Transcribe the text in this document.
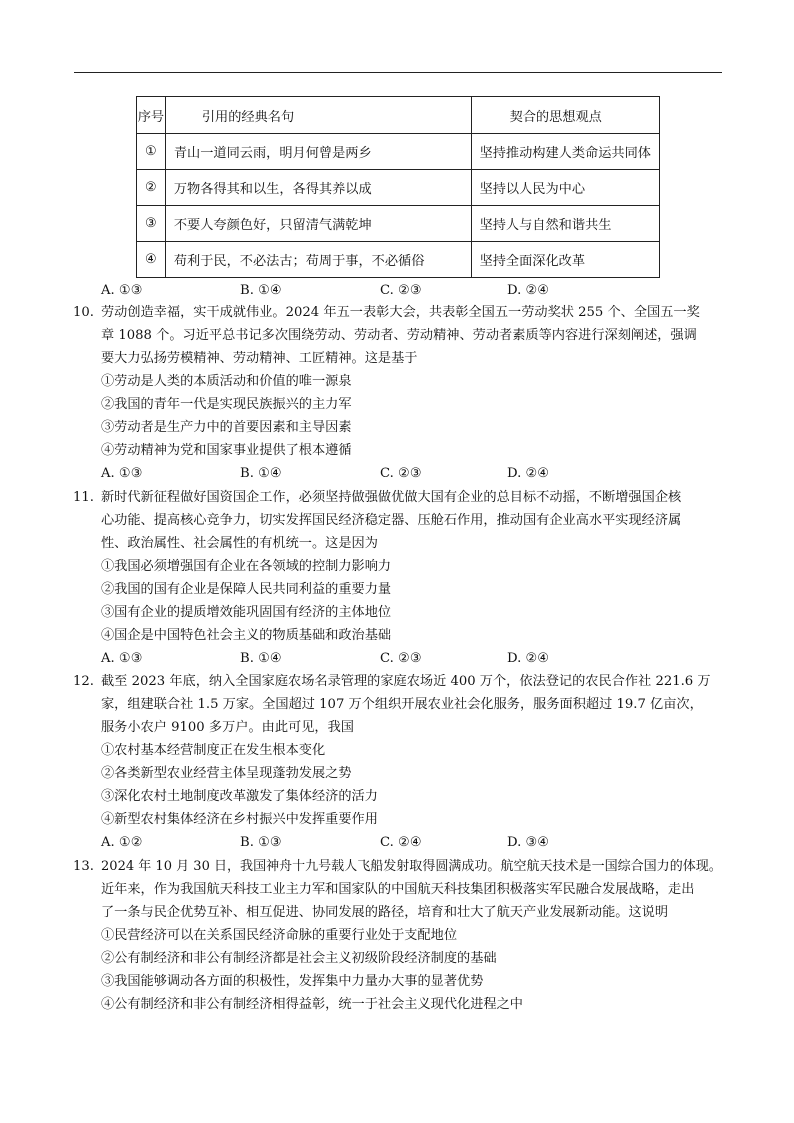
序号	引用的经典名句	契合的思想观点
①	青山一道同云雨，明月何曾是两乡	坚持推动构建人类命运共同体
②	万物各得其和以生，各得其养以成	坚持以人民为中心
③	不要人夸颜色好，只留清气满乾坤	坚持人与自然和谐共生
④	苟利于民，不必法古；苟周于事，不必循俗	坚持全面深化改革
A. ①③	B. ①④	C. ②③	D. ②④
10. 劳动创造幸福，实干成就伟业。2024 年五一表彰大会，共表彰全国五一劳动奖状 255 个、全国五一奖
章 1088 个。习近平总书记多次围绕劳动、劳动者、劳动精神、劳动者素质等内容进行深刻阐述，强调
要大力弘扬劳模精神、劳动精神、工匠精神。这是基于
①劳动是人类的本质活动和价值的唯一源泉
②我国的青年一代是实现民族振兴的主力军
③劳动者是生产力中的首要因素和主导因素
④劳动精神为党和国家事业提供了根本遵循
A. ①③	B. ①④	C. ②③	D. ②④
11. 新时代新征程做好国资国企工作，必须坚持做强做优做大国有企业的总目标不动摇，不断增强国企核
心功能、提高核心竞争力，切实发挥国民经济稳定器、压舱石作用，推动国有企业高水平实现经济属
性、政治属性、社会属性的有机统一。这是因为
①我国必须增强国有企业在各领域的控制力影响力
②我国的国有企业是保障人民共同利益的重要力量
③国有企业的提质增效能巩固国有经济的主体地位
④国企是中国特色社会主义的物质基础和政治基础
A. ①③	B. ①④	C. ②③	D. ②④
12. 截至 2023 年底，纳入全国家庭农场名录管理的家庭农场近 400 万个，依法登记的农民合作社 221.6 万
家，组建联合社 1.5 万家。全国超过 107 万个组织开展农业社会化服务，服务面积超过 19.7 亿亩次，
服务小农户 9100 多万户。由此可见，我国
①农村基本经营制度正在发生根本变化
②各类新型农业经营主体呈现蓬勃发展之势
③深化农村土地制度改革激发了集体经济的活力
④新型农村集体经济在乡村振兴中发挥重要作用
A. ①②	B. ①③	C. ②④	D. ③④
13. 2024 年 10 月 30 日，我国神舟十九号载人飞船发射取得圆满成功。航空航天技术是一国综合国力的体现。
近年来，作为我国航天科技工业主力军和国家队的中国航天科技集团积极落实军民融合发展战略，走出
了一条与民企优势互补、相互促进、协同发展的路径，培育和壮大了航天产业发展新动能。这说明
①民营经济可以在关系国民经济命脉的重要行业处于支配地位
②公有制经济和非公有制经济都是社会主义初级阶段经济制度的基础
③我国能够调动各方面的积极性，发挥集中力量办大事的显著优势
④公有制经济和非公有制经济相得益彰，统一于社会主义现代化进程之中
